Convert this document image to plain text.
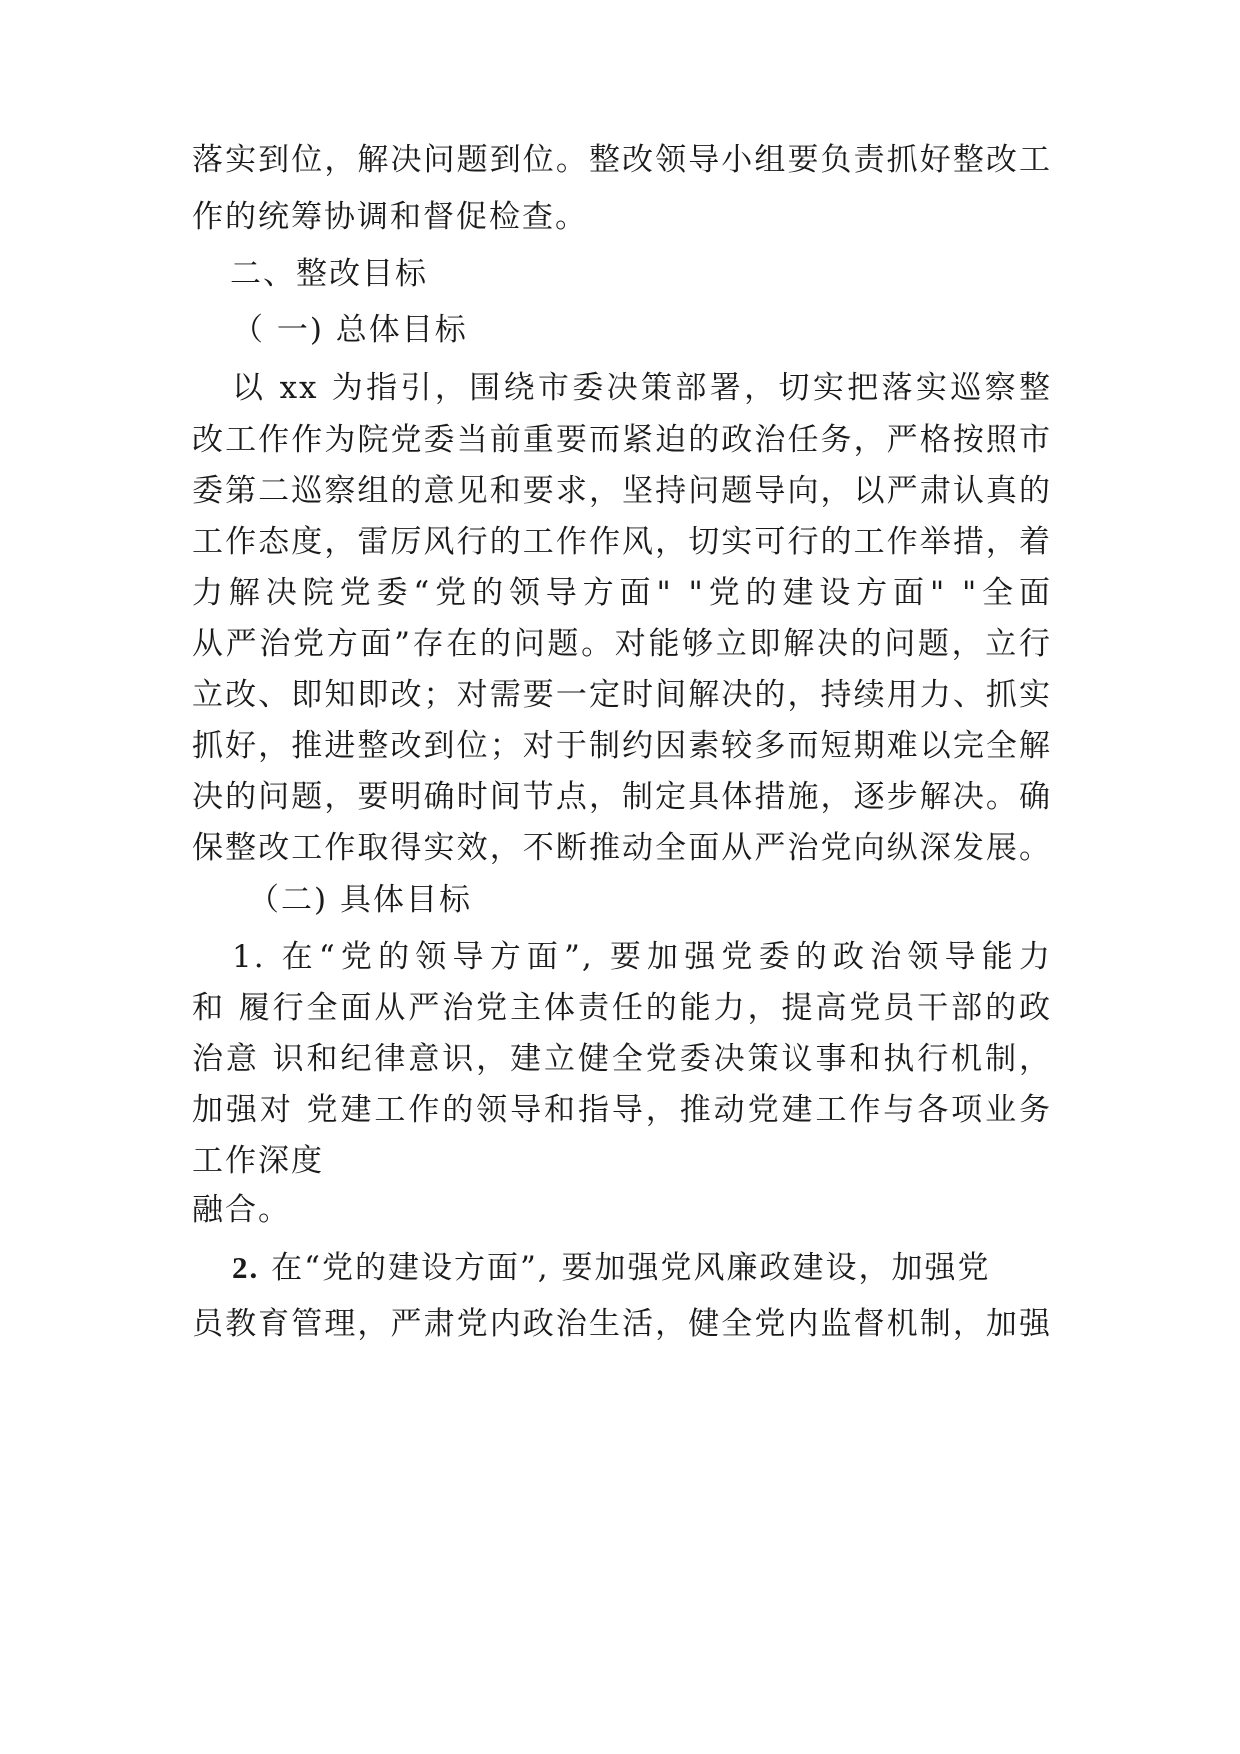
落实到位，解决问题到位。整改领导小组要负责抓好整改工
作的统筹协调和督促检查。
二、整改目标
（ 一) 总体目标
以 xx 为指引，围绕市委决策部署，切实把落实巡察整
改工作作为院党委当前重要而紧迫的政治任务，严格按照市
委第二巡察组的意见和要求，坚持问题导向，以严肃认真的
工作态度，雷厉风行的工作作风，切实可行的工作举措，着
力解决院党委“党的领导方面" "党的建设方面" "全面
从严治党方面”存在的问题。对能够立即解决的问题，立行
立改、即知即改；对需要一定时间解决的，持续用力、抓实
抓好，推进整改到位；对于制约因素较多而短期难以完全解
决的问题，要明确时间节点，制定具体措施，逐步解决。确
保整改工作取得实效，不断推动全面从严治党向纵深发展。
（二) 具体目标
1. 在“党的领导方面”, 要加强党委的政治领导能力
和 履行全面从严治党主体责任的能力，提高党员干部的政
治意 识和纪律意识，建立健全党委决策议事和执行机制，
加强对 党建工作的领导和指导，推动党建工作与各项业务
工作深度
融合。
2. 在“党的建设方面”, 要加强党风廉政建设，加强党
员教育管理，严肃党内政治生活，健全党内监督机制，加强
